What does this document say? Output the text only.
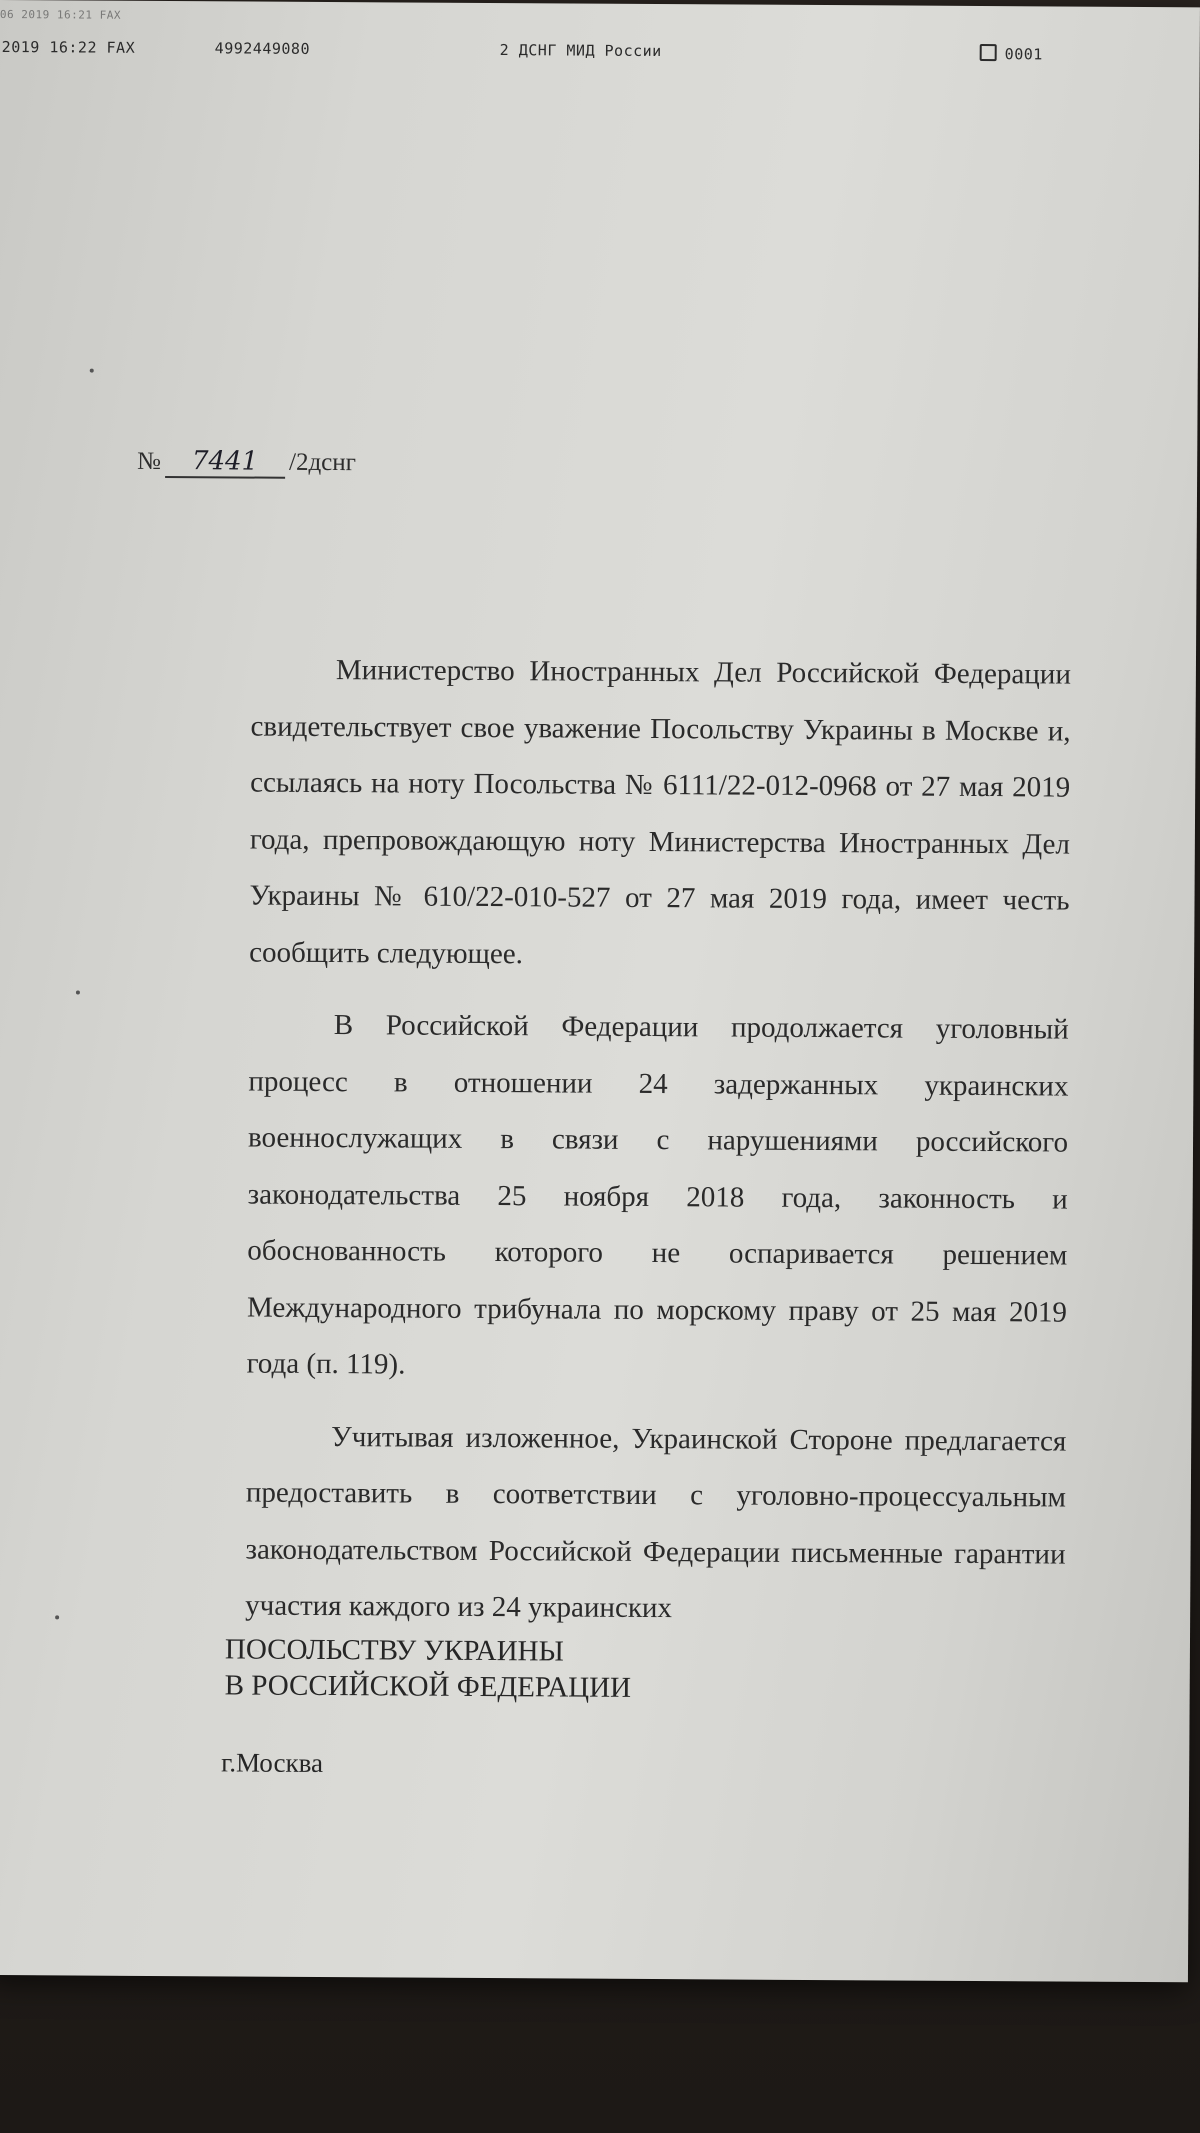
06 2019 16:21 FAX
2019 16:22 FAX	4992449080	2 ДСНГ МИД России	0001
№ 7441 /2дснг

Министерство Иностранных Дел Российской Федерации свидетельствует свое уважение Посольству Украины в Москве и, ссылаясь на ноту Посольства № 6111/22-012-0968 от 27 мая 2019 года, препровождающую ноту Министерства Иностранных Дел Украины № 610/22-010-527 от 27 мая 2019 года, имеет честь сообщить следующее.

В Российской Федерации продолжается уголовный процесс в отношении 24 задержанных украинских военнослужащих в связи с нарушениями российского законодательства 25 ноября 2018 года, законность и обоснованность которого не оспаривается решением Международного трибунала по морскому праву от 25 мая 2019 года (п. 119).

Учитывая изложенное, Украинской Стороне предлагается предоставить в соответствии с уголовно-процессуальным законодательством Российской Федерации письменные гарантии участия каждого из 24 украинских

ПОСОЛЬСТВУ УКРАИНЫ
В РОССИЙСКОЙ ФЕДЕРАЦИИ
г.Москва
